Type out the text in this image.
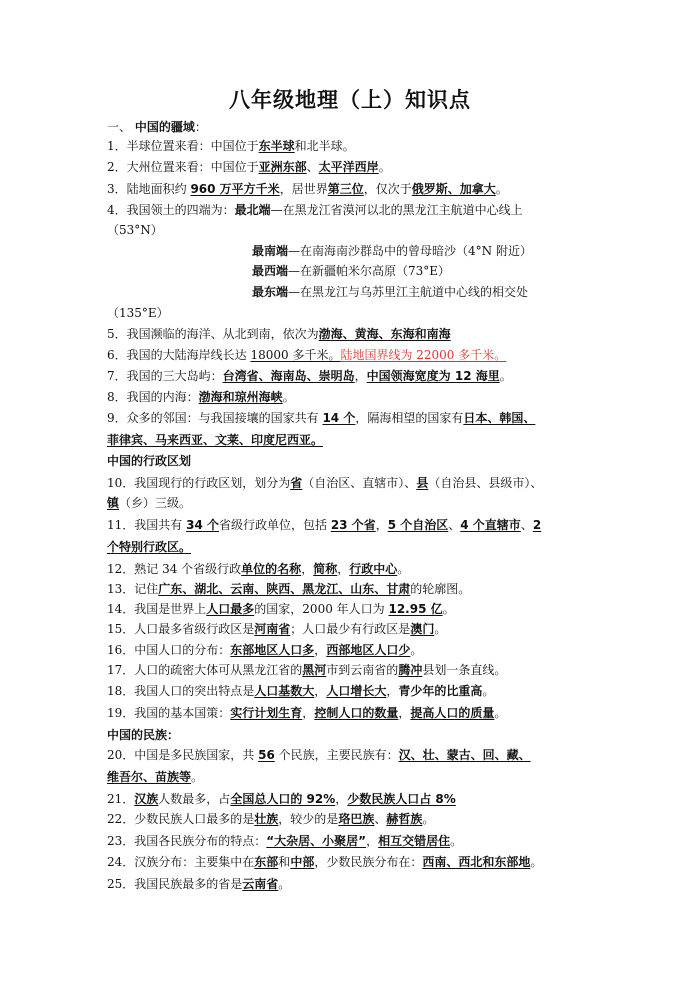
八年级地理（上）知识点
一、 中国的疆域：
1．半球位置来看：中国位于东半球和北半球。
2．大州位置来看：中国位于亚洲东部、太平洋西岸。
3．陆地面积约 960 万平方千米，居世界第三位，仅次于俄罗斯、加拿大。
4．我国领土的四端为：最北端—在黑龙江省漠河以北的黑龙江主航道中心线上
（53°N）
最南端—在南海南沙群岛中的曾母暗沙（4°N 附近）
最西端—在新疆帕米尔高原（73°E）
最东端—在黑龙江与乌苏里江主航道中心线的相交处
（135°E）
5．我国濒临的海洋、从北到南，依次为渤海、黄海、东海和南海
6．我国的大陆海岸线长达 18000 多千米。陆地国界线为 22000 多千米。
7．我国的三大岛屿：台湾省、海南岛、崇明岛，中国领海宽度为 12 海里。
8．我国的内海：渤海和琼州海峡。
9．众多的邻国：与我国接壤的国家共有 14 个，隔海相望的国家有日本、韩国、
菲律宾、马来西亚、文莱、印度尼西亚。
中国的行政区划
10．我国现行的行政区划，划分为省（自治区、直辖市）、县（自治县、县级市）、
镇（乡）三级。
11．我国共有 34 个省级行政单位，包括 23 个省，5 个自治区、4 个直辖市、2
个特别行政区。
12．熟记 34 个省级行政单位的名称，简称，行政中心。
13．记住广东、湖北、云南、陕西、黑龙江、山东、甘肃的轮廓图。
14．我国是世界上人口最多的国家，2000 年人口为 12.95 亿。
15．人口最多省级行政区是河南省；人口最少有行政区是澳门。
16．中国人口的分布：东部地区人口多，西部地区人口少。
17．人口的疏密大体可从黑龙江省的黑河市到云南省的腾冲县划一条直线。
18．我国人口的突出特点是人口基数大，人口增长大，青少年的比重高。
19．我国的基本国策：实行计划生育，控制人口的数量，提高人口的质量。
中国的民族：
20．中国是多民族国家，共 56 个民族，主要民族有：汉、壮、蒙古、回、藏、
维吾尔、苗族等。
21．汉族人数最多，占全国总人口的 92%，少数民族人口占 8%
22．少数民族人口最多的是壮族，较少的是珞巴族、赫哲族。
23．我国各民族分布的特点：“大杂居、小聚居”，相互交错居住。
24．汉族分布：主要集中在东部和中部，少数民族分布在：西南、西北和东部地。
25．我国民族最多的省是云南省。
